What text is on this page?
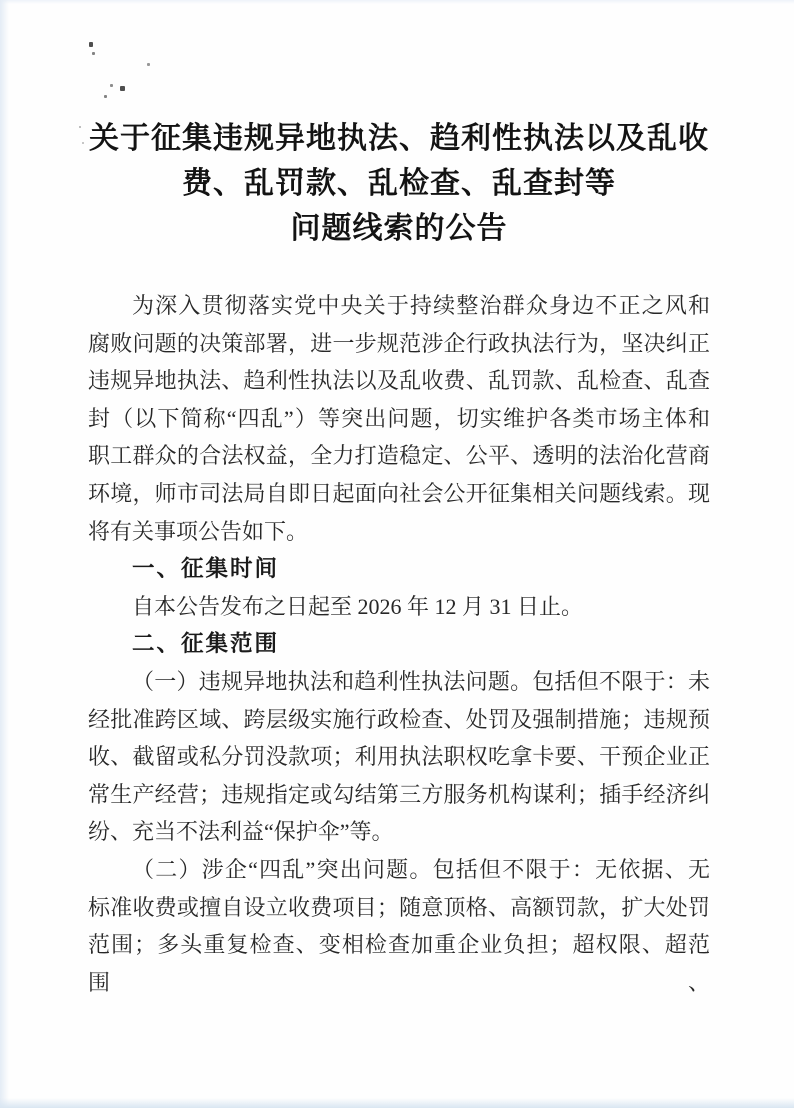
关于征集违规异地执法、趋利性执法以及乱收
费、乱罚款、乱检查、乱查封等
问题线索的公告
为深入贯彻落实党中央关于持续整治群众身边不正之风和
腐败问题的决策部署，进一步规范涉企行政执法行为，坚决纠正
违规异地执法、趋利性执法以及乱收费、乱罚款、乱检查、乱查
封（以下简称“四乱”）等突出问题，切实维护各类市场主体和
职工群众的合法权益，全力打造稳定、公平、透明的法治化营商
环境，师市司法局自即日起面向社会公开征集相关问题线索。现
将有关事项公告如下。
一、征集时间
自本公告发布之日起至 2026 年 12 月 31 日止。
二、征集范围
（一）违规异地执法和趋利性执法问题。包括但不限于：未
经批准跨区域、跨层级实施行政检查、处罚及强制措施；违规预
收、截留或私分罚没款项；利用执法职权吃拿卡要、干预企业正
常生产经营；违规指定或勾结第三方服务机构谋利；插手经济纠
纷、充当不法利益“保护伞”等。
（二）涉企“四乱”突出问题。包括但不限于：无依据、无
标准收费或擅自设立收费项目；随意顶格、高额罚款，扩大处罚
范围；多头重复检查、变相检查加重企业负担；超权限、超范围、
